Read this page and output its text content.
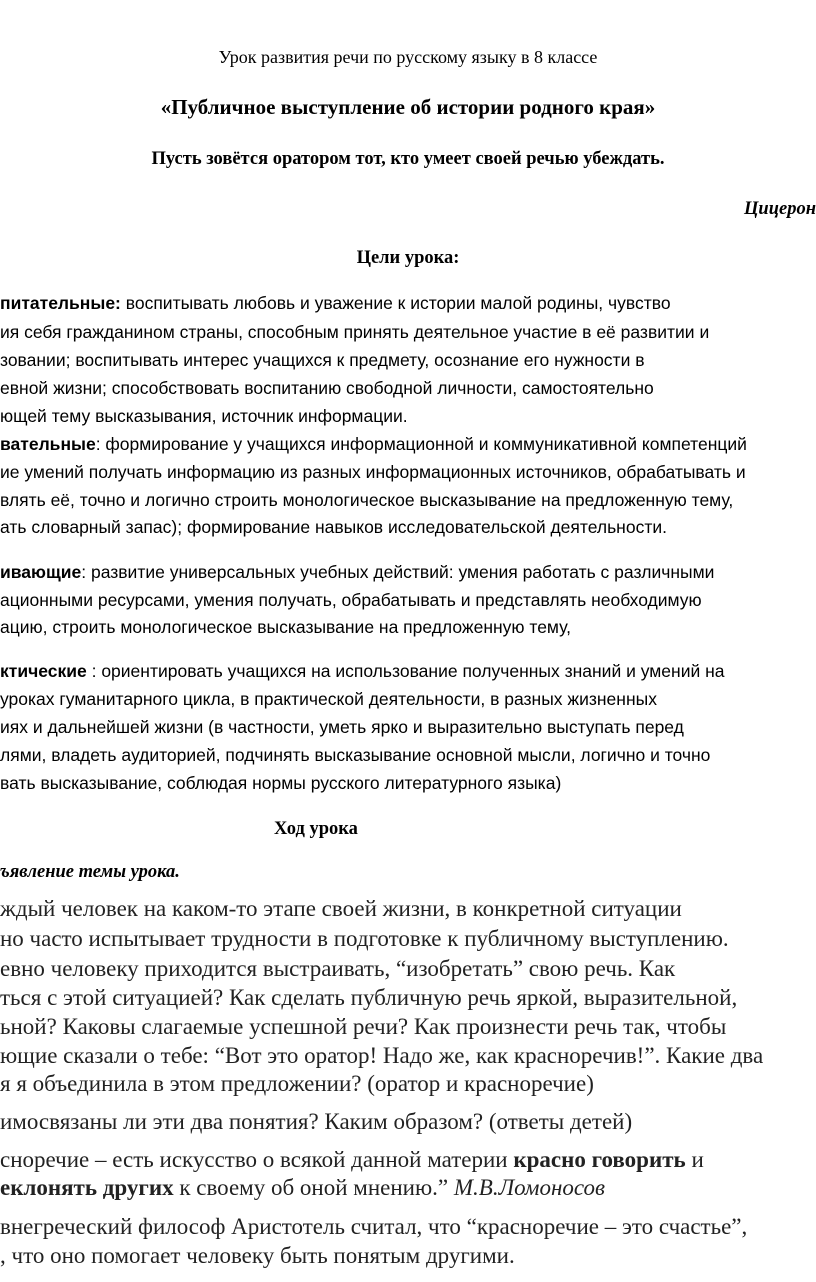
Урок развития речи по русскому языку в 8 классе
«Публичное выступление об истории родного края»
Пусть зовётся оратором тот, кто умеет своей речью убеждать.
Цицерон
Цели урока:
питательные: воспитывать любовь и уважение к истории малой родины, чувство
ия себя гражданином страны, способным принять деятельное участие в её развитии и
зовании; воспитывать интерес учащихся к предмету, осознание его нужности в
евной жизни; способствовать воспитанию свободной личности, самостоятельно
ющей тему высказывания, источник информации.
вательные: формирование у учащихся информационной и коммуникативной компетенций
ие умений получать информацию из разных информационных источников, обрабатывать и
влять её, точно и логично строить монологическое высказывание на предложенную тему,
ать словарный запас); формирование навыков исследовательской деятельности.
ивающие: развитие универсальных учебных действий: умения работать с различными
ационными ресурсами, умения получать, обрабатывать и представлять необходимую
ацию, строить монологическое высказывание на предложенную тему,
ктические : ориентировать учащихся на использование полученных знаний и умений на
уроках гуманитарного цикла, в практической деятельности, в разных жизненных
иях и дальнейшей жизни (в частности, уметь ярко и выразительно выступать перед
лями, владеть аудиторией, подчинять высказывание основной мысли, логично и точно
вать высказывание, соблюдая нормы русского литературного языка)
Ход урока
ъявление темы урока.
ждый человек на каком-то этапе своей жизни, в конкретной ситуации
но часто испытывает трудности в подготовке к публичному выступлению.
евно человеку приходится выстраивать, “изобретать” свою речь. Как
ться с этой ситуацией? Как сделать публичную речь яркой, выразительной,
ьной? Каковы слагаемые успешной речи? Как произнести речь так, чтобы
ющие сказали о тебе: “Вот это оратор! Надо же, как красноречив!”. Какие два
я я объединила в этом предложении? (оратор и красноречие)
имосвязаны ли эти два понятия? Каким образом? (ответы детей)
сноречие – есть искусство о всякой данной материи красно говорить и
еклонять других к своему об оной мнению.” М.В.Ломоносов
внегреческий философ Аристотель считал, что “красноречие – это счастье”,
, что оно помогает человеку быть понятым другими.
